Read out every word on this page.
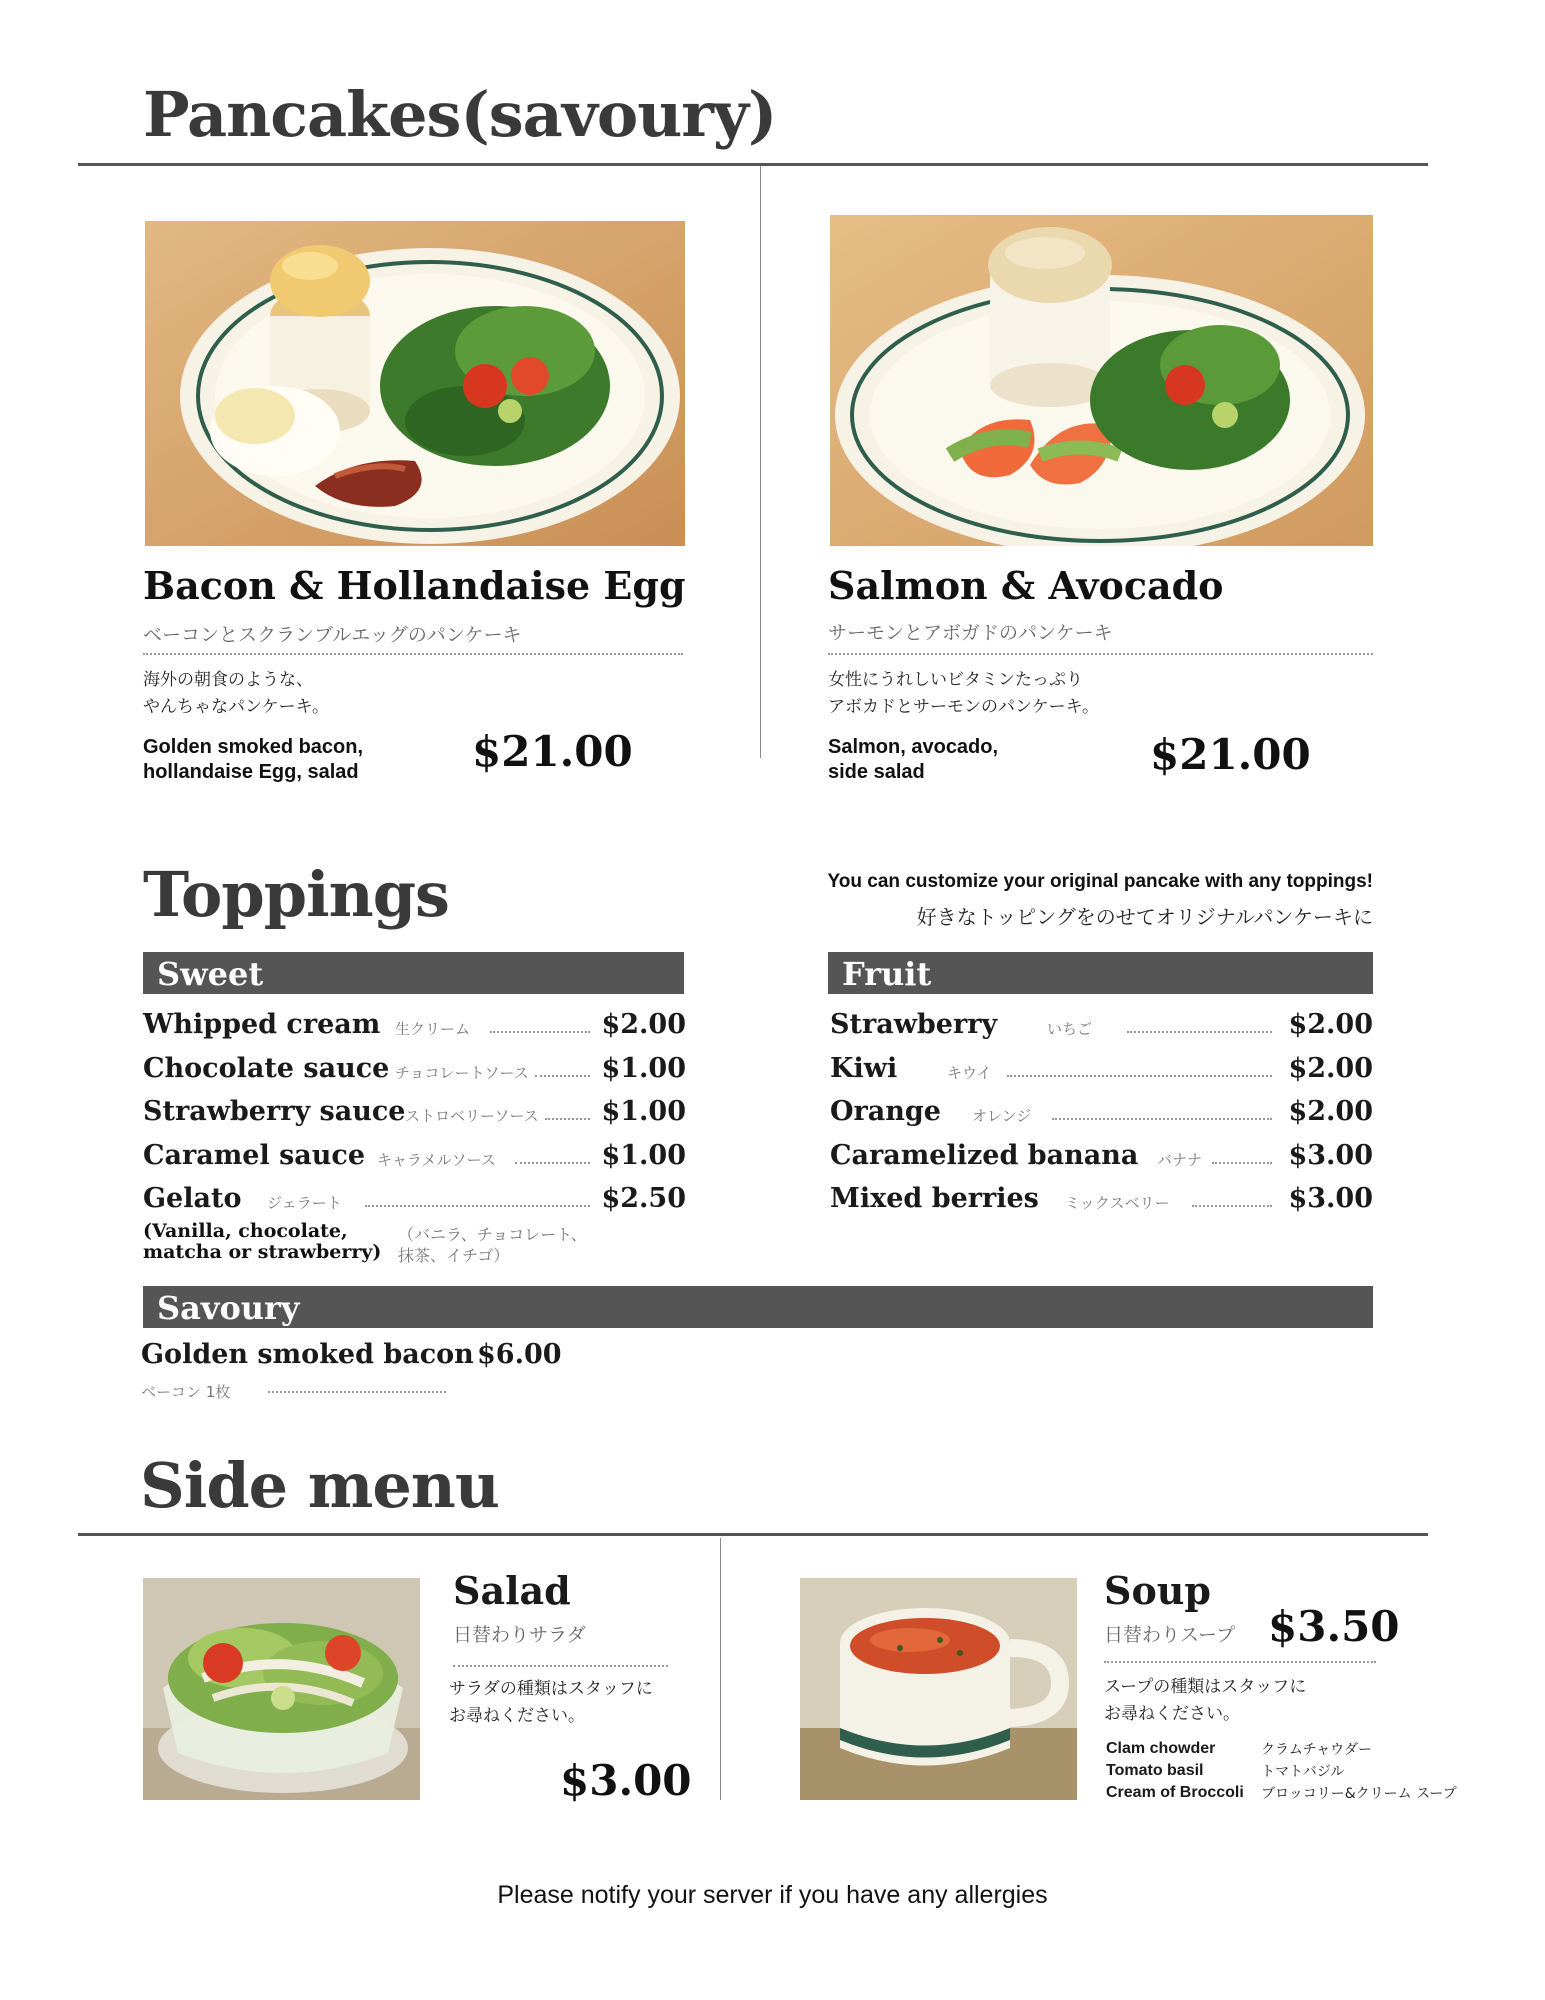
Pancakes(savoury)
Bacon & Hollandaise Egg
ベーコンとスクランブルエッグのパンケーキ
海外の朝食のような、
やんちゃなパンケーキ。
Golden smoked bacon,
hollandaise Egg, salad	$21.00
Salmon & Avocado
サーモンとアボガドのパンケーキ
女性にうれしいビタミンたっぷり
アボカドとサーモンのパンケーキ。
Salmon, avocado,
side salad	$21.00
Toppings	You can customize your original pancake with any toppings!
好きなトッピングをのせてオリジナルパンケーキに
Sweet	Fruit
Whipped cream 生クリーム	$2.00
Chocolate sauce チョコレートソース	$1.00
Strawberry sauce ストロベリーソース $1.00
Caramel sauce キャラメルソース	$1.00
Gelato ジェラート	$2.50
(Vanilla, chocolate,
matcha or strawberry)
（バニラ、チョコレート、
抹茶、イチゴ）
Strawberry	いちご	$2.00
Kiwi	キウイ	$2.00
Orange オレンジ	$2.00
Caramelized banana バナナ	$3.00
Mixed berries ミックスベリー	$3.00
Savoury
Golden smoked bacon $6.00
ベーコン 1枚
Side menu
Salad
日替わりサラダ
サラダの種類はスタッフに
お尋ねください。
$3.00
Soup
日替わりスープ $3.50
スープの種類はスタッフに
お尋ねください。
Clam chowder	クラムチャウダー
Tomato basil	トマトバジル
Cream of Broccoli ブロッコリー&クリーム スープ
Please notify your server if you have any allergies
